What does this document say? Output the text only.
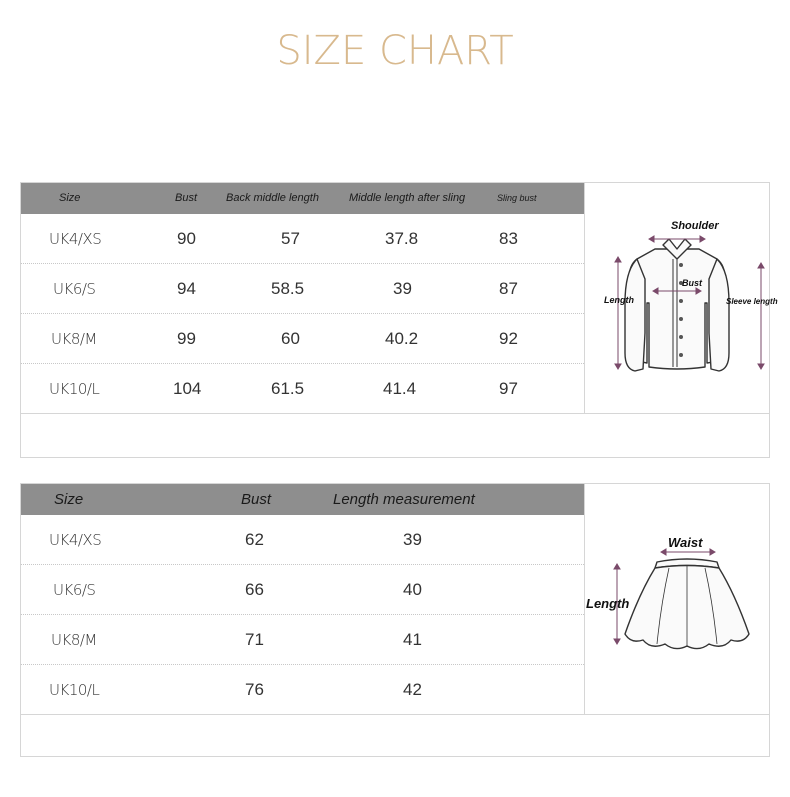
SIZE CHART
Size	Bust	Back middle length	Middle length after sling	Sling bust
UK4/XS	90	57	37.8	83
UK6/S	94	58.5	39	87
UK8/M	99	60	40.2	92
UK10/L	104	61.5	41.4	97
Shoulder
Bust
Length	Sleeve length
Size	Bust	Length measurement
UK4/XS	62	39
UK6/S	66	40
UK8/M	71	41
UK10/L	76	42
Waist
Length
